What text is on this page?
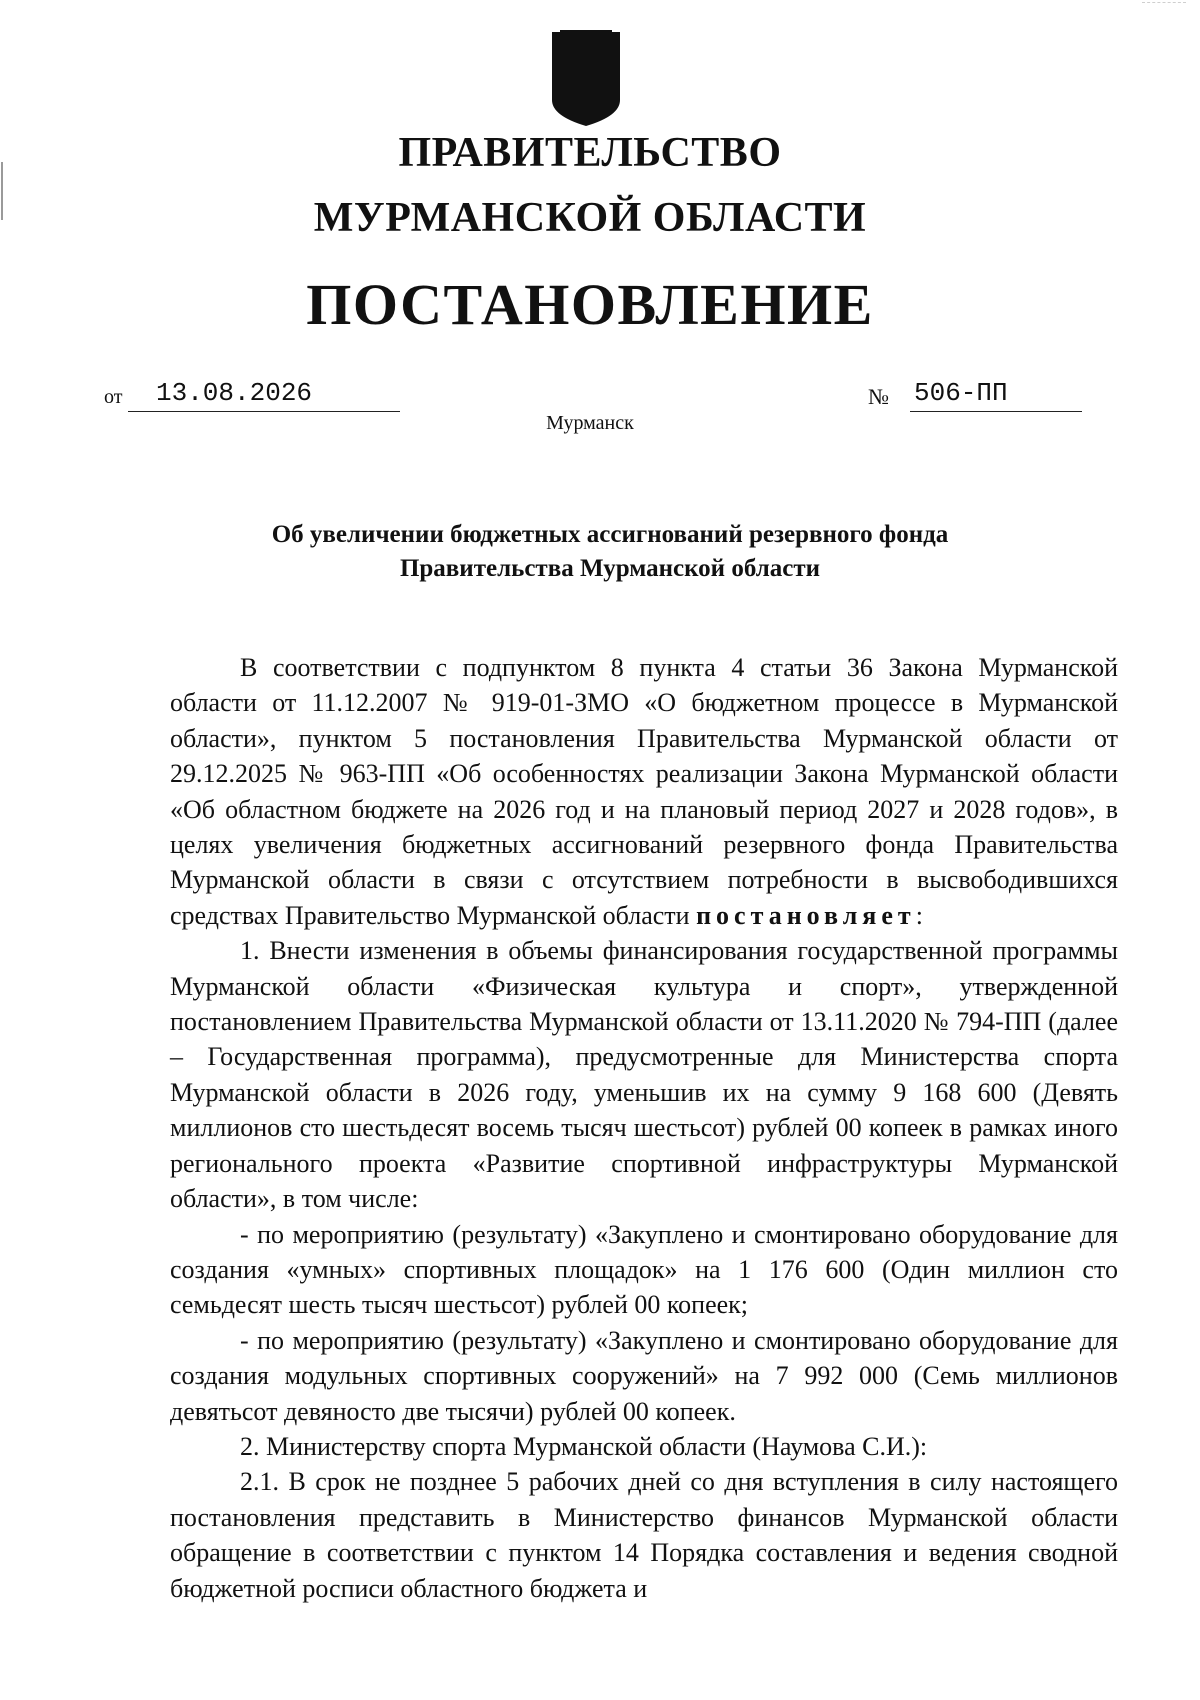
ПРАВИТЕЛЬСТВО
МУРМАНСКОЙ ОБЛАСТИ
ПОСТАНОВЛЕНИЕ
от	13.08.2026	№ 506-ПП
Мурманск
Об увеличении бюджетных ассигнований резервного фонда
Правительства Мурманской области

В соответствии с подпунктом 8 пункта 4 статьи 36 Закона Мурманской области от 11.12.2007 № 919-01-ЗМО «О бюджетном процессе в Мурманской области», пунктом 5 постановления Правительства Мурманской области от 29.12.2025 № 963-ПП «Об особенностях реализации Закона Мурманской области «Об областном бюджете на 2026 год и на плановый период 2027 и 2028 годов», в целях увеличения бюджетных ассигнований резервного фонда Правительства Мурманской области в связи с отсутствием потребности в высвободившихся средствах Правительство Мурманской области постановляет:

1. Внести изменения в объемы финансирования государственной программы Мурманской области «Физическая культура и спорт», утвержденной постановлением Правительства Мурманской области от 13.11.2020 № 794-ПП (далее – Государственная программа), предусмотренные для Министерства спорта Мурманской области в 2026 году, уменьшив их на сумму 9 168 600 (Девять миллионов сто шестьдесят восемь тысяч шестьсот) рублей 00 копеек в рамках иного регионального проекта «Развитие спортивной инфраструктуры Мурманской области», в том числе:

- по мероприятию (результату) «Закуплено и смонтировано оборудование для создания «умных» спортивных площадок» на 1 176 600 (Один миллион сто семьдесят шесть тысяч шестьсот) рублей 00 копеек;

- по мероприятию (результату) «Закуплено и смонтировано оборудование для создания модульных спортивных сооружений» на 7 992 000 (Семь миллионов девятьсот девяносто две тысячи) рублей 00 копеек.

2. Министерству спорта Мурманской области (Наумова С.И.):

2.1. В срок не позднее 5 рабочих дней со дня вступления в силу настоящего постановления представить в Министерство финансов Мурманской области обращение в соответствии с пунктом 14 Порядка составления и ведения сводной бюджетной росписи областного бюджета и
